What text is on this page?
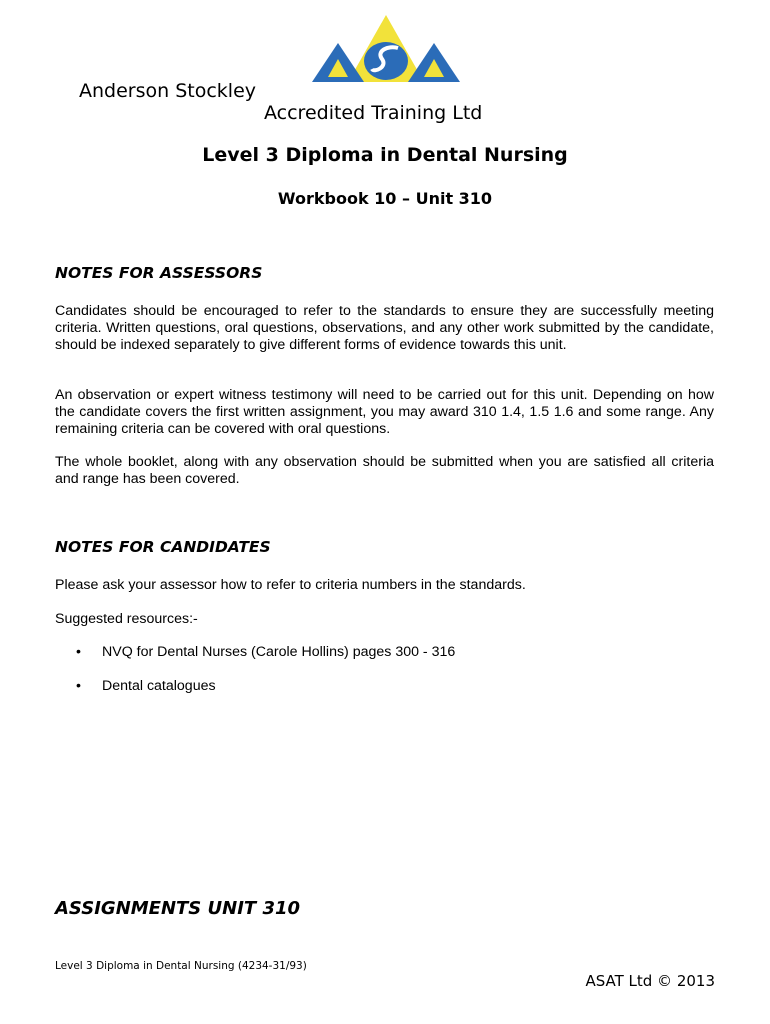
Anderson Stockley
Accredited Training Ltd
Level 3 Diploma in Dental Nursing
Workbook 10 – Unit 310
NOTES FOR ASSESSORS
Candidates should be encouraged to refer to the standards to ensure they are successfully meeting criteria. Written questions, oral questions, observations, and any other work submitted by the candidate, should be indexed separately to give different forms of evidence towards this unit.
An observation or expert witness testimony will need to be carried out for this unit. Depending on how the candidate covers the first written assignment, you may award 310 1.4, 1.5 1.6 and some range. Any remaining criteria can be covered with oral questions.
The whole booklet, along with any observation should be submitted when you are satisfied all criteria and range has been covered.
NOTES FOR CANDIDATES
Please ask your assessor how to refer to criteria numbers in the standards.
Suggested resources:-
• NVQ for Dental Nurses (Carole Hollins) pages 300 - 316
• Dental catalogues
ASSIGNMENTS UNIT 310
Level 3 Diploma in Dental Nursing (4234-31/93)
ASAT Ltd © 2013
